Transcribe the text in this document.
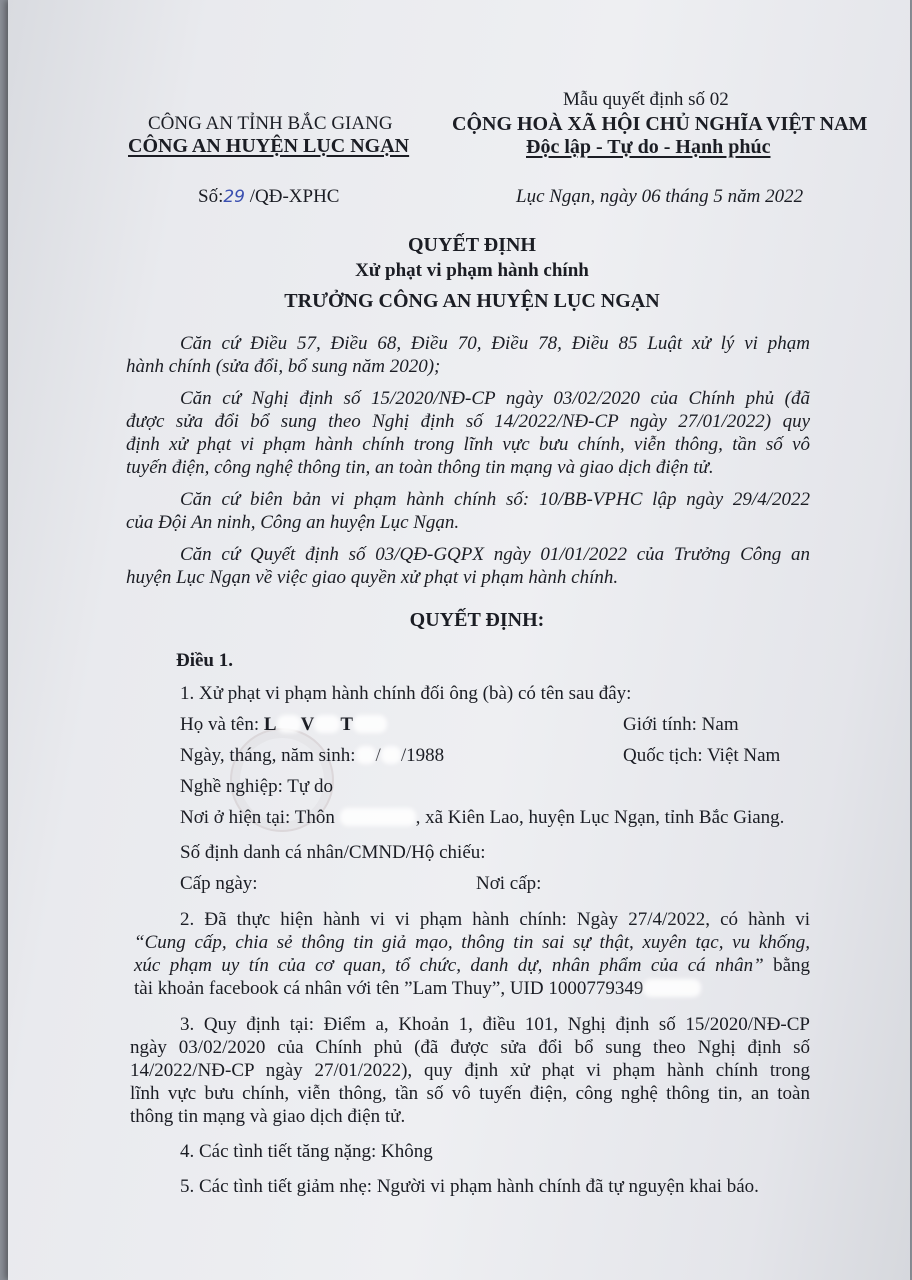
CÔNG AN TỈNH BẮC GIANG
CÔNG AN HUYỆN LỤC NGẠN
Mẫu quyết định số 02
CỘNG HOÀ XÃ HỘI CHỦ NGHĨA VIỆT NAM
Độc lập - Tự do - Hạnh phúc
Số:29 /QĐ-XPHC	Lục Ngạn, ngày 06 tháng 5 năm 2022
QUYẾT ĐỊNH
Xử phạt vi phạm hành chính
TRƯỞNG CÔNG AN HUYỆN LỤC NGẠN
Căn cứ Điều 57, Điều 68, Điều 70, Điều 78, Điều 85 Luật xử lý vi phạm
hành chính (sửa đổi, bổ sung năm 2020);
Căn cứ Nghị định số 15/2020/NĐ-CP ngày 03/02/2020 của Chính phủ (đã
được sửa đổi bổ sung theo Nghị định số 14/2022/NĐ-CP ngày 27/01/2022) quy
định xử phạt vi phạm hành chính trong lĩnh vực bưu chính, viễn thông, tần số vô
tuyến điện, công nghệ thông tin, an toàn thông tin mạng và giao dịch điện tử.
Căn cứ biên bản vi phạm hành chính số: 10/BB-VPHC lập ngày 29/4/2022
của Đội An ninh, Công an huyện Lục Ngạn.
Căn cứ Quyết định số 03/QĐ-GQPX ngày 01/01/2022 của Trưởng Công an
huyện Lục Ngạn về việc giao quyền xử phạt vi phạm hành chính.
QUYẾT ĐỊNH:
Điều 1.
1. Xử phạt vi phạm hành chính đối ông (bà) có tên sau đây:
Họ và tên: L V T	Giới tính: Nam
Ngày, tháng, năm sinh: / /1988	Quốc tịch: Việt Nam
Nghề nghiệp: Tự do
Nơi ở hiện tại: Thôn	, xã Kiên Lao, huyện Lục Ngạn, tỉnh Bắc Giang.
Số định danh cá nhân/CMND/Hộ chiếu:
Cấp ngày:	Nơi cấp:
2. Đã thực hiện hành vi vi phạm hành chính: Ngày 27/4/2022, có hành vi
“Cung cấp, chia sẻ thông tin giả mạo, thông tin sai sự thật, xuyên tạc, vu khống,
xúc phạm uy tín của cơ quan, tổ chức, danh dự, nhân phẩm của cá nhân” bằng
tài khoản facebook cá nhân với tên ”Lam Thuy”, UID 1000779349
3. Quy định tại: Điểm a, Khoản 1, điều 101, Nghị định số 15/2020/NĐ-CP
ngày 03/02/2020 của Chính phủ (đã được sửa đổi bổ sung theo Nghị định số
14/2022/NĐ-CP ngày 27/01/2022), quy định xử phạt vi phạm hành chính trong
lĩnh vực bưu chính, viễn thông, tần số vô tuyến điện, công nghệ thông tin, an toàn
thông tin mạng và giao dịch điện tử.
4. Các tình tiết tăng nặng: Không
5. Các tình tiết giảm nhẹ: Người vi phạm hành chính đã tự nguyện khai báo.
